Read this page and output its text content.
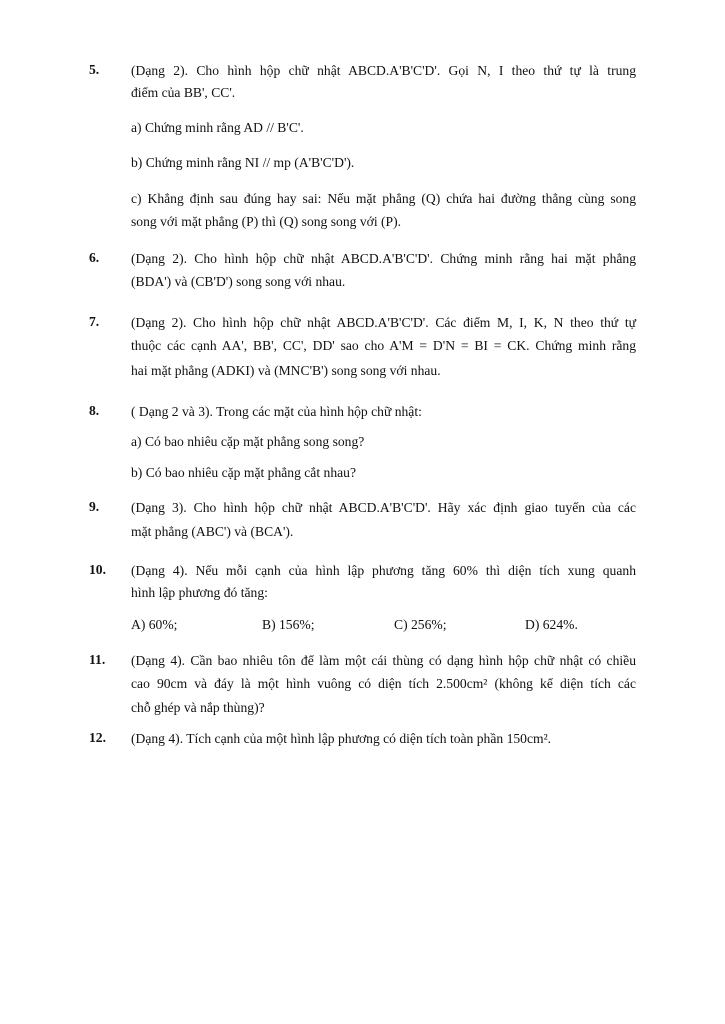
5. (Dạng 2). Cho hình hộp chữ nhật ABCD.A'B'C'D'. Gọi N, I theo thứ tự là trung
điểm của BB', CC'.
a) Chứng minh rằng AD // B'C'.
b) Chứng minh rằng NI // mp (A'B'C'D').
c) Khẳng định sau đúng hay sai: Nếu mặt phẳng (Q) chứa hai đường thẳng cùng song
song với mặt phẳng (P) thì (Q) song song với (P).
6. (Dạng 2). Cho hình hộp chữ nhật ABCD.A'B'C'D'. Chứng minh rằng hai mặt phẳng
(BDA') và (CB'D') song song với nhau.
7. (Dạng 2). Cho hình hộp chữ nhật ABCD.A'B'C'D'. Các điểm M, I, K, N theo thứ tự
thuộc các cạnh AA', BB', CC', DD' sao cho A'M = D'N = BI = CK. Chứng minh rằng
hai mặt phẳng (ADKI) và (MNC'B') song song với nhau.
8. ( Dạng 2 và 3). Trong các mặt của hình hộp chữ nhật:
a) Có bao nhiêu cặp mặt phẳng song song?
b) Có bao nhiêu cặp mặt phẳng cắt nhau?
9. (Dạng 3). Cho hình hộp chữ nhật ABCD.A'B'C'D'. Hãy xác định giao tuyến của các
mặt phẳng (ABC') và (BCA').
10. (Dạng 4). Nếu mỗi cạnh của hình lập phương tăng 60% thì diện tích xung quanh
hình lập phương đó tăng:
A) 60%;	B) 156%;	C) 256%;	D) 624%.
11. (Dạng 4). Cần bao nhiêu tôn để làm một cái thùng có dạng hình hộp chữ nhật có chiều
cao 90cm và đáy là một hình vuông có diện tích 2.500cm² (không kể diện tích các
chỗ ghép và nắp thùng)?
12. (Dạng 4). Tích cạnh của một hình lập phương có diện tích toàn phần 150cm².
